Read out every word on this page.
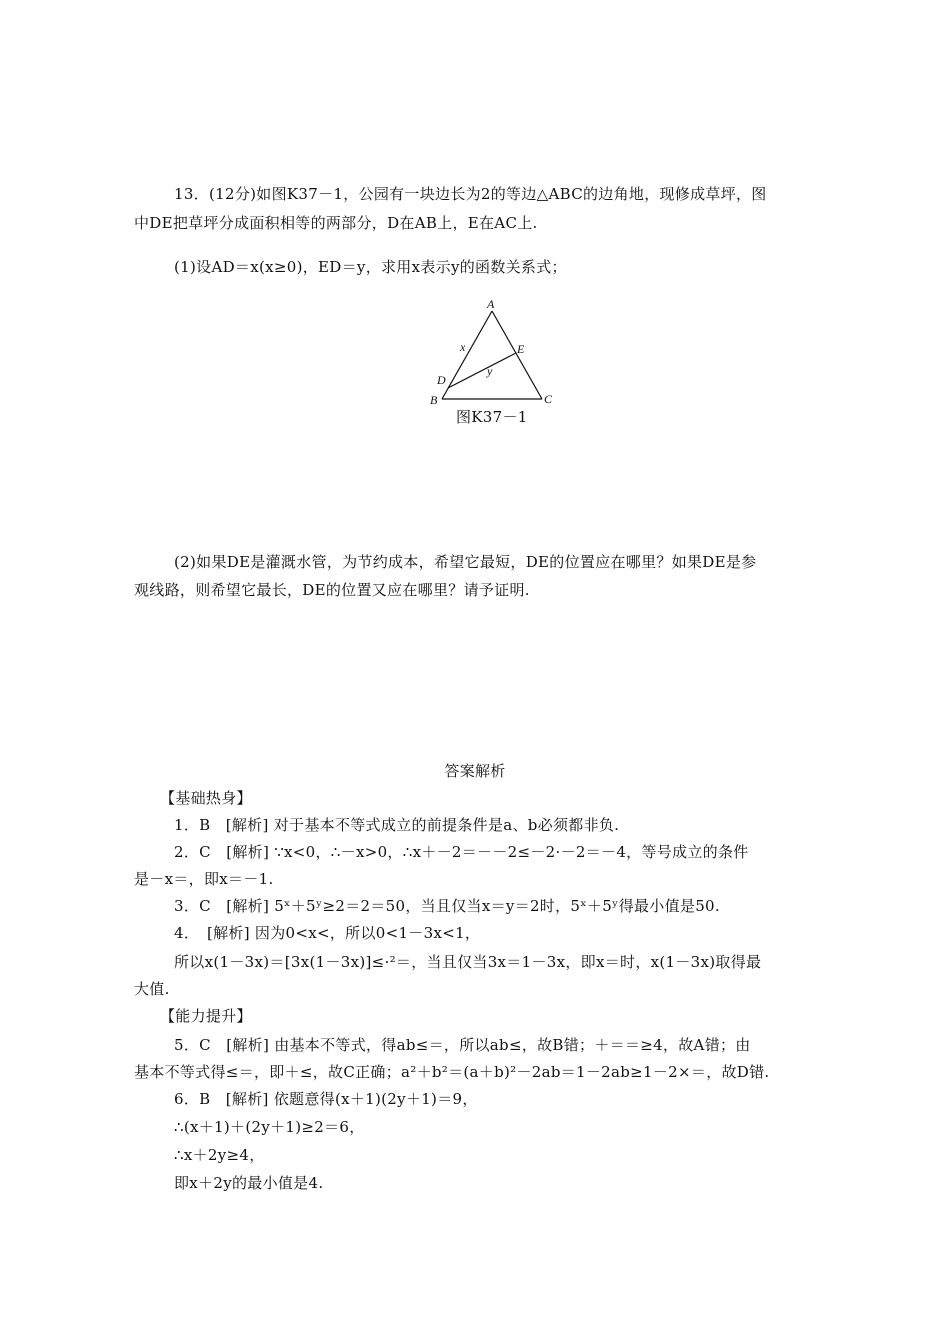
13．(12分)如图K37－1，公园有一块边长为2的等边△ABC的边角地，现修成草坪，图
中DE把草坪分成面积相等的两部分，D在AB上，E在AC上.
(1)设AD＝x(x≥0)，ED＝y，求用x表示y的函数关系式；
A
B	C
D
E
x
y
图K37－1
(2)如果DE是灌溉水管，为节约成本，希望它最短，DE的位置应在哪里？如果DE是参
观线路，则希望它最长，DE的位置又应在哪里？请予证明.
答案解析
【基础热身】
1．B　[解析] 对于基本不等式成立的前提条件是a、b必须都非负.
2．C　[解析] ∵x<0，∴－x>0，∴x＋－2＝－－2≤－2·－2＝－4，等号成立的条件
是－x＝，即x＝－1.
3．C　[解析] 5ˣ＋5ʸ≥2＝2＝50，当且仅当x＝y＝2时，5ˣ＋5ʸ得最小值是50.
4．　[解析] 因为0<x<，所以0<1－3x<1，
所以x(1－3x)＝[3x(1－3x)]≤·²＝，当且仅当3x＝1－3x，即x＝时，x(1－3x)取得最
大值.
【能力提升】
5．C　[解析] 由基本不等式，得ab≤＝，所以ab≤，故B错；＋＝＝≥4，故A错；由
基本不等式得≤＝，即＋≤，故C正确；a²＋b²＝(a＋b)²－2ab＝1－2ab≥1－2×＝，故D错.
6．B　[解析] 依题意得(x＋1)(2y＋1)＝9，
∴(x＋1)＋(2y＋1)≥2＝6，
∴x＋2y≥4，
即x＋2y的最小值是4.
